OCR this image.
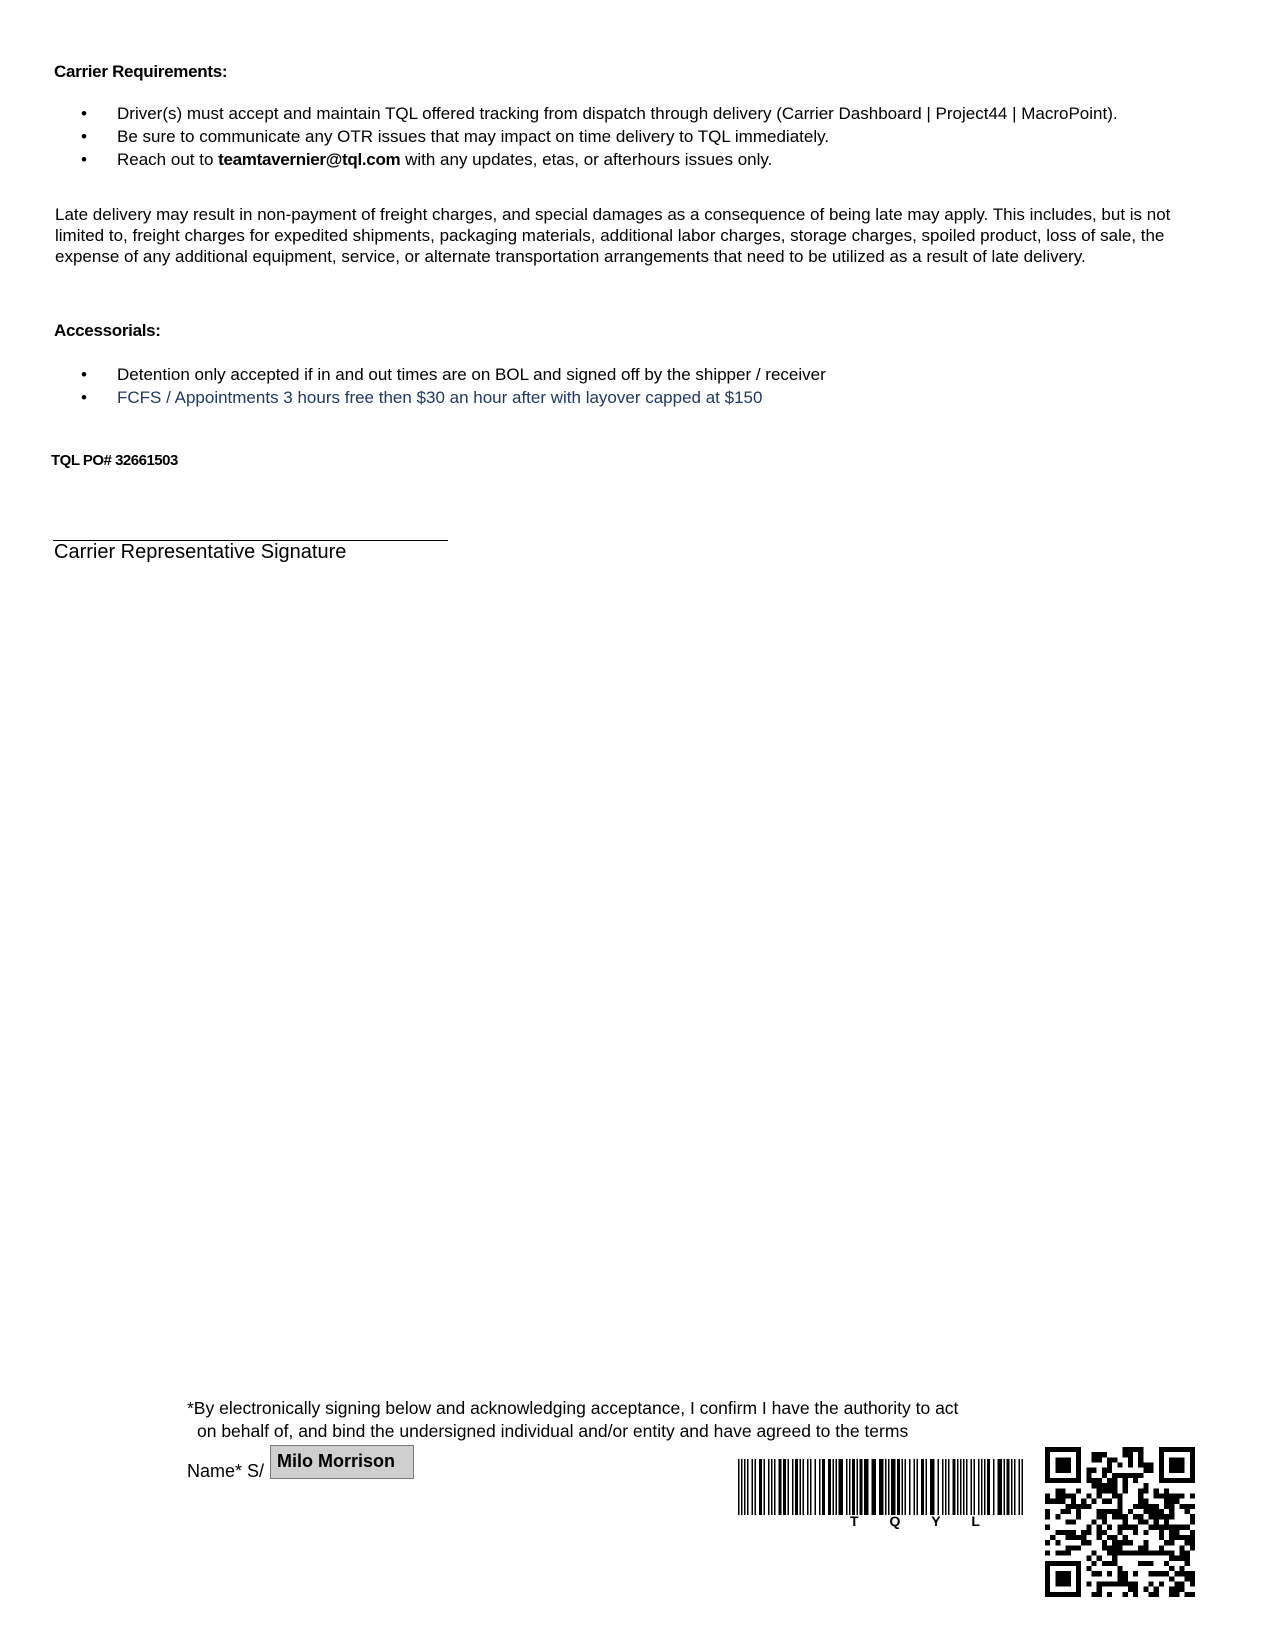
Carrier Requirements:
• Driver(s) must accept and maintain TQL offered tracking from dispatch through delivery (Carrier Dashboard | Project44 | MacroPoint).
• Be sure to communicate any OTR issues that may impact on time delivery to TQL immediately.
• Reach out to teamtavernier@tql.com with any updates, etas, or afterhours issues only.

Late delivery may result in non-payment of freight charges, and special damages as a consequence of being late may apply. This includes, but is not limited to, freight charges for expedited shipments, packaging materials, additional labor charges, storage charges, spoiled product, loss of sale, the expense of any additional equipment, service, or alternate transportation arrangements that need to be utilized as a result of late delivery.

Accessorials:
• Detention only accepted if in and out times are on BOL and signed off by the shipper / receiver
• FCFS / Appointments 3 hours free then $30 an hour after with layover capped at $150
TQL PO# 32661503
Carrier Representative Signature
*By electronically signing below and acknowledging acceptance, I confirm I have the authority to act
on behalf of, and bind the undersigned individual and/or entity and have agreed to the terms
Name* S/ Milo Morrison
T Q Y L
